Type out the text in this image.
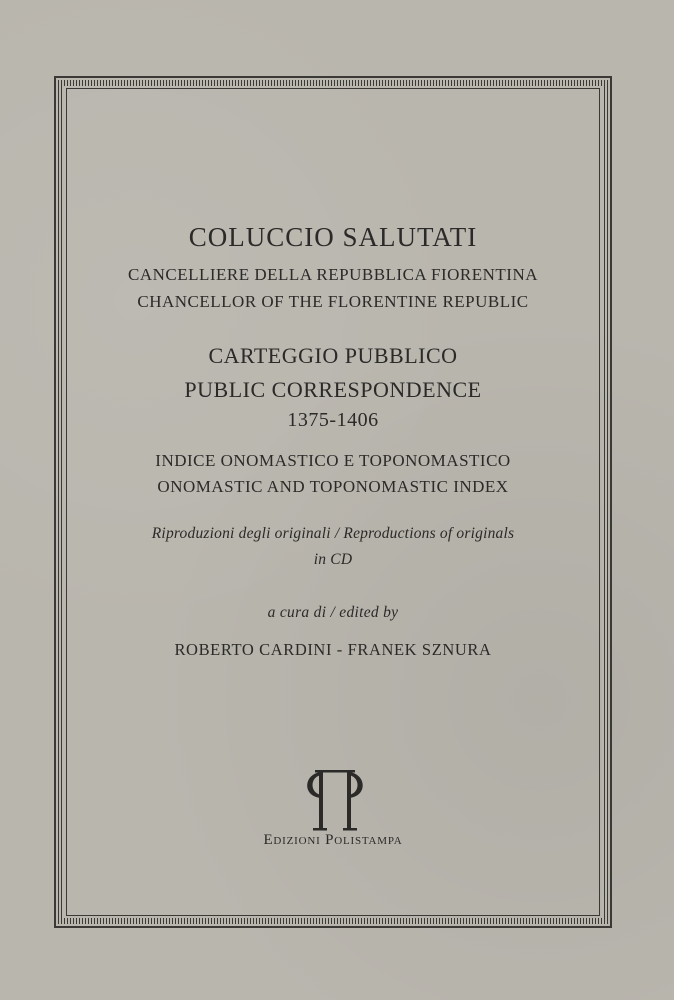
COLUCCIO SALUTATI
CANCELLIERE DELLA REPUBBLICA FIORENTINA
CHANCELLOR OF THE FLORENTINE REPUBLIC
CARTEGGIO PUBBLICO
PUBLIC CORRESPONDENCE
1375-1406
INDICE ONOMASTICO E TOPONOMASTICO
ONOMASTIC AND TOPONOMASTIC INDEX
Riproduzioni degli originali / Reproductions of originals
in CD
a cura di / edited by
ROBERTO CARDINI - FRANEK SZNURA
Edizioni Polistampa
